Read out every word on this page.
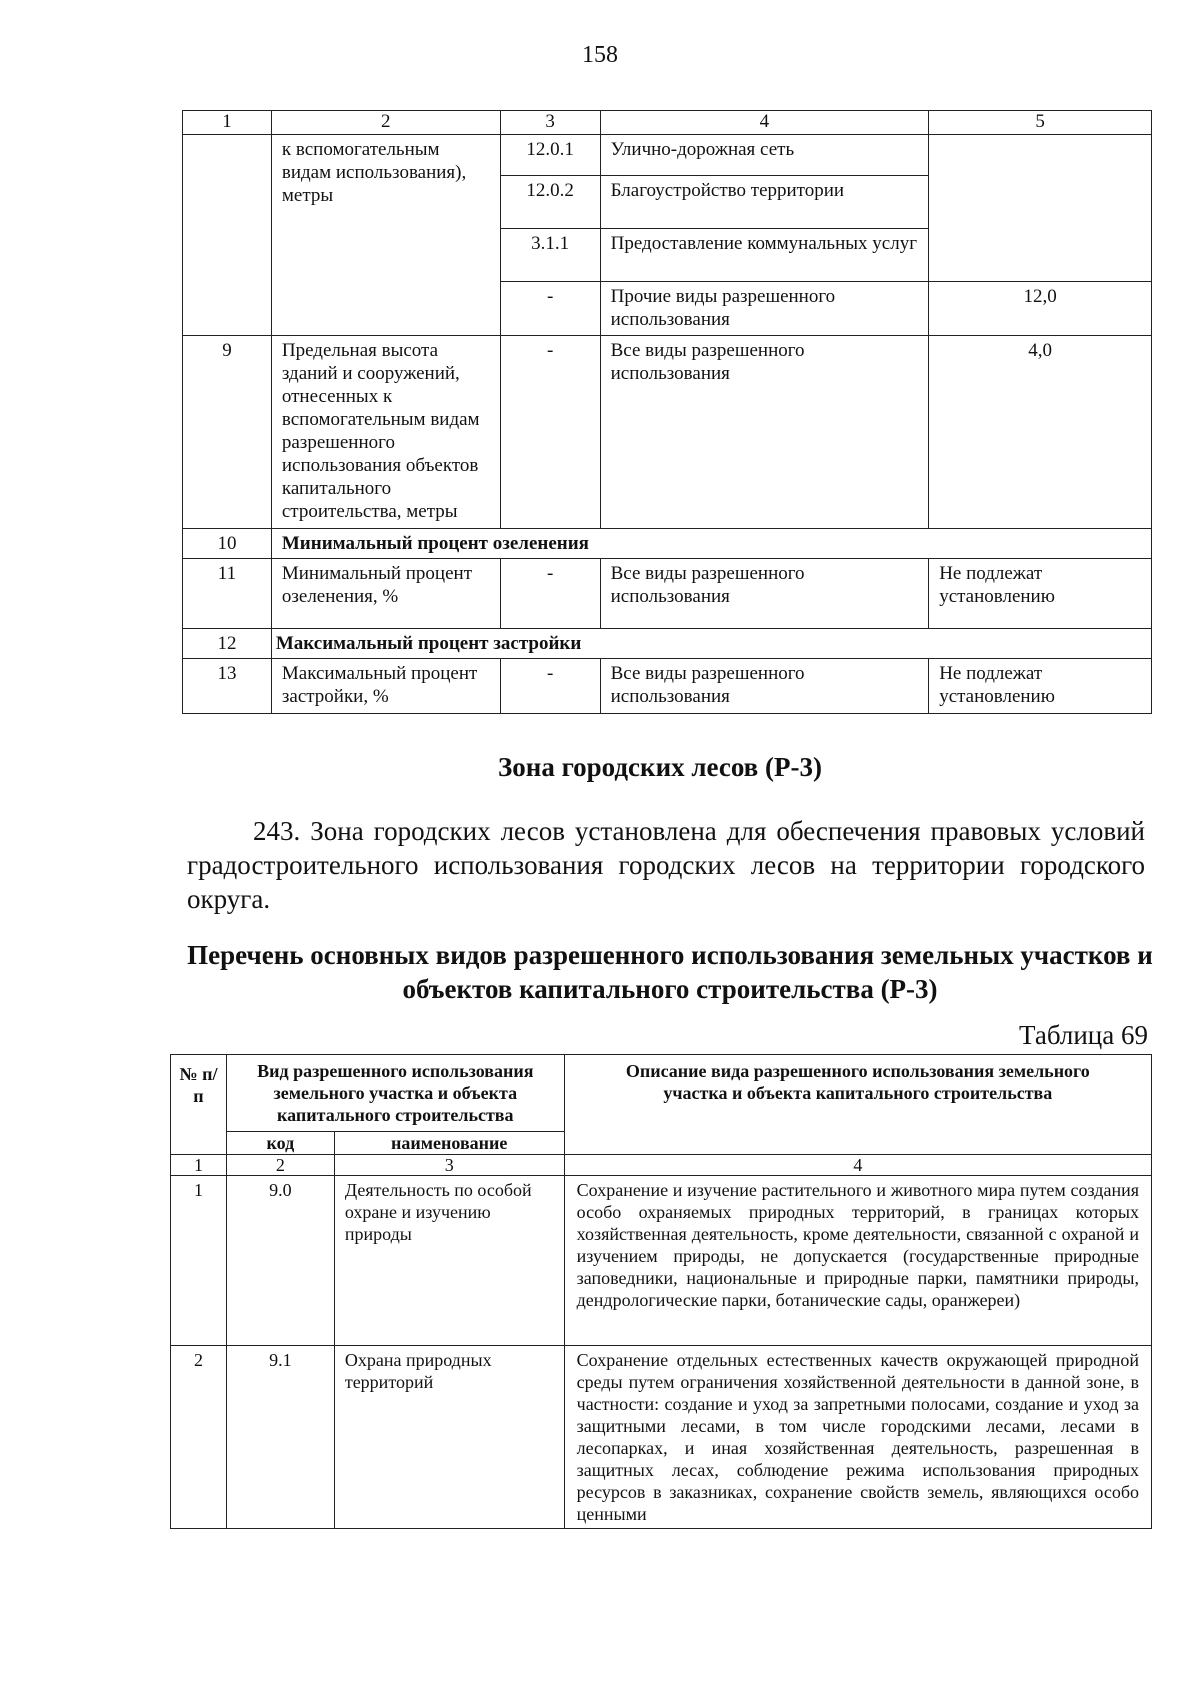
158
1	2	3	4	5
	к вспомогательным видам использования), метры	12.0.1	Улично-дорожная сеть	
		12.0.2	Благоустройство территории	
		3.1.1	Предоставление коммунальных услуг	
		-	Прочие виды разрешенного использования	12,0
9	Предельная высота зданий и сооружений, отнесенных к вспомогательным видам разрешенного использования объектов капитального строительства, метры	-	Все виды разрешенного использования	4,0
10	Минимальный процент озеленения			
11	Минимальный процент озеленения, %	-	Все виды разрешенного использования	Не подлежат установлению
12	Максимальный процент застройки			
13	Максимальный процент застройки, %	-	Все виды разрешенного использования	Не подлежат установлению
Зона городских лесов (Р-3)
243. Зона городских лесов установлена для обеспечения правовых условий градостроительного использования городских лесов на территории городского округа.
Перечень основных видов разрешенного использования земельных участков и объектов капитального строительства (Р-3)
Таблица 69
№ п/п	Вид разрешенного использования земельного участка и объекта капитального строительства		Описание вида разрешенного использования земельного участка и объекта капитального строительства
	код	наименование	
1	2	3	4
1	9.0	Деятельность по особой охране и изучению природы	Сохранение и изучение растительного и животного мира путем создания особо охраняемых природных территорий, в границах которых хозяйственная деятельность, кроме деятельности, связанной с охраной и изучением природы, не допускается (государственные природные заповедники, национальные и природные парки, памятники природы, дендрологические парки, ботанические сады, оранжереи)
2	9.1	Охрана природных территорий	Сохранение отдельных естественных качеств окружающей природной среды путем ограничения хозяйственной деятельности в данной зоне, в частности: создание и уход за запретными полосами, создание и уход за защитными лесами, в том числе городскими лесами, лесами в лесопарках, и иная хозяйственная деятельность, разрешенная в защитных лесах, соблюдение режима использования природных ресурсов в заказниках, сохранение свойств земель, являющихся особо ценными
